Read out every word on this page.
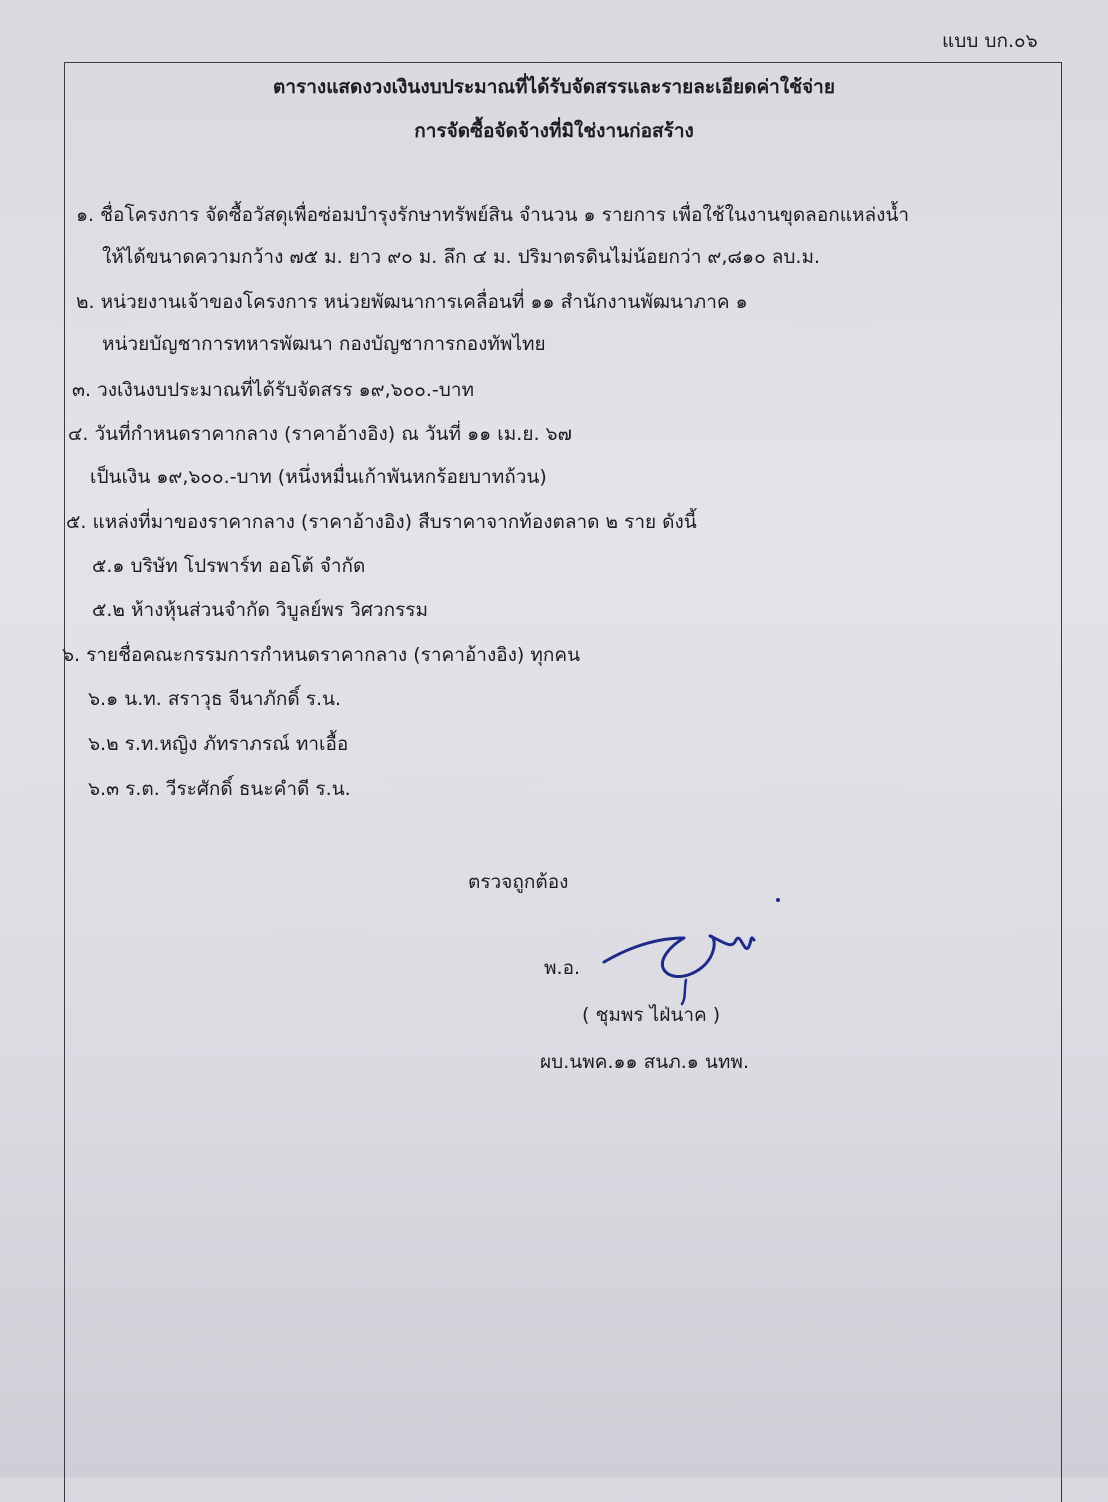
แบบ บก.๐๖
ตารางแสดงวงเงินงบประมาณที่ได้รับจัดสรรและรายละเอียดค่าใช้จ่าย
การจัดซื้อจัดจ้างที่มิใช่งานก่อสร้าง
๑. ชื่อโครงการ จัดซื้อวัสดุเพื่อซ่อมบำรุงรักษาทรัพย์สิน จำนวน ๑ รายการ เพื่อใช้ในงานขุดลอกแหล่งน้ำ
ให้ได้ขนาดความกว้าง ๗๕ ม. ยาว ๙๐ ม. ลึก ๔ ม. ปริมาตรดินไม่น้อยกว่า ๙,๘๑๐ ลบ.ม.
๒. หน่วยงานเจ้าของโครงการ หน่วยพัฒนาการเคลื่อนที่ ๑๑ สำนักงานพัฒนาภาค ๑
หน่วยบัญชาการทหารพัฒนา กองบัญชาการกองทัพไทย
๓. วงเงินงบประมาณที่ได้รับจัดสรร ๑๙,๖๐๐.-บาท
๔. วันที่กำหนดราคากลาง (ราคาอ้างอิง) ณ วันที่ ๑๑ เม.ย. ๖๗
เป็นเงิน ๑๙,๖๐๐.-บาท (หนึ่งหมื่นเก้าพันหกร้อยบาทถ้วน)
๕. แหล่งที่มาของราคากลาง (ราคาอ้างอิง) สืบราคาจากท้องตลาด ๒ ราย ดังนี้
๕.๑ บริษัท โปรพาร์ท ออโต้ จำกัด
๕.๒ ห้างหุ้นส่วนจำกัด วิบูลย์พร วิศวกรรม
๖. รายชื่อคณะกรรมการกำหนดราคากลาง (ราคาอ้างอิง) ทุกคน
๖.๑ น.ท. สราวุธ จีนาภักดิ์ ร.น.
๖.๒ ร.ท.หญิง ภัทราภรณ์ ทาเอื้อ
๖.๓ ร.ต. วีระศักดิ์ ธนะคำดี ร.น.
ตรวจถูกต้อง
พ.อ.
( ชุมพร ไฝ่นาค )
ผบ.นพค.๑๑ สนภ.๑ นทพ.
